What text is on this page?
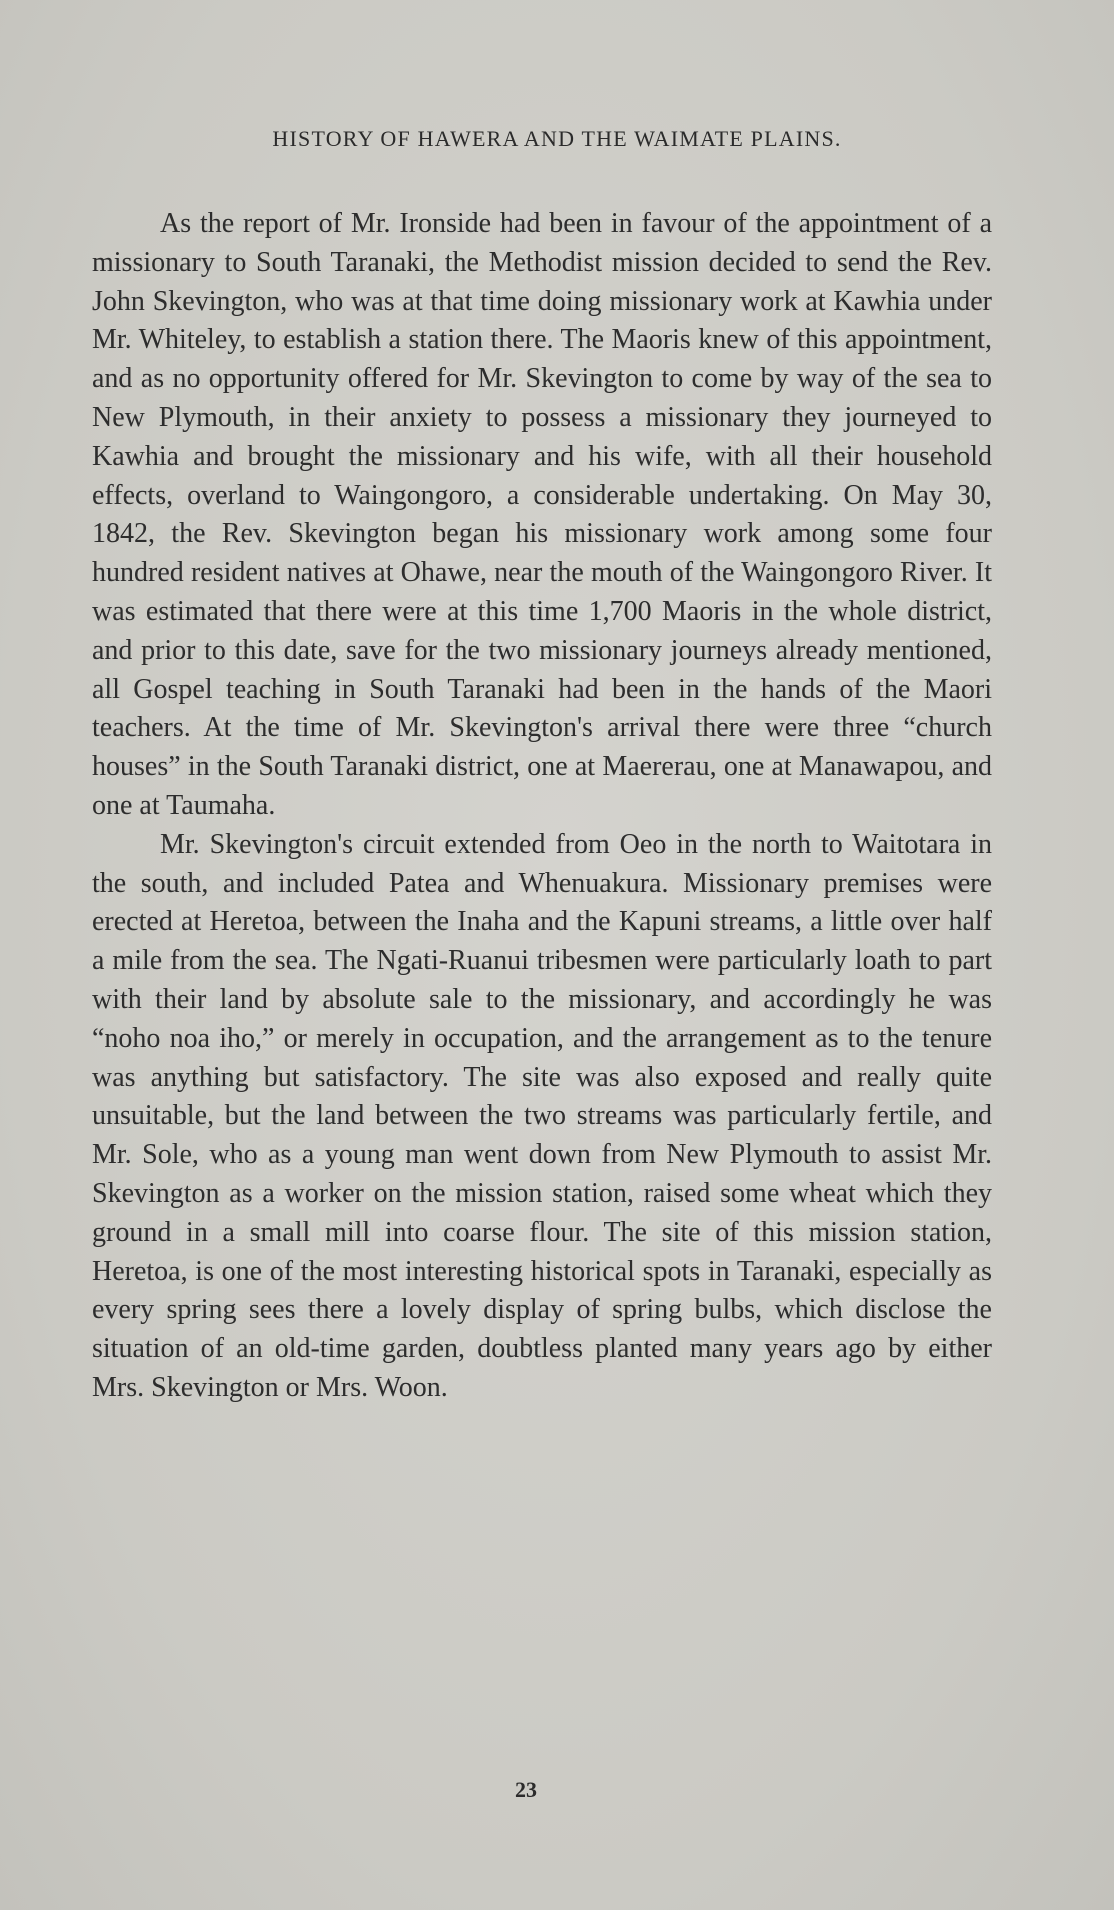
HISTORY OF HAWERA AND THE WAIMATE PLAINS.

As the report of Mr. Ironside had been in favour of the appointment of a missionary to South Taranaki, the Methodist mission decided to send the Rev. John Skevington, who was at that time doing missionary work at Kawhia under Mr. Whiteley, to establish a station there. The Maoris knew of this appointment, and as no opportunity offered for Mr. Skevington to come by way of the sea to New Plymouth, in their anxiety to possess a missionary they journeyed to Kawhia and brought the missionary and his wife, with all their household effects, overland to Waingongoro, a considerable undertaking. On May 30, 1842, the Rev. Skevington began his missionary work among some four hundred resident natives at Ohawe, near the mouth of the Waingongoro River. It was estimated that there were at this time 1,700 Maoris in the whole district, and prior to this date, save for the two missionary journeys already mentioned, all Gospel teaching in South Taranaki had been in the hands of the Maori teachers. At the time of Mr. Skevington's arrival there were three “church houses” in the South Taranaki district, one at Maererau, one at Manawapou, and one at Taumaha.

Mr. Skevington's circuit extended from Oeo in the north to Waitotara in the south, and included Patea and Whenuakura. Missionary premises were erected at Heretoa, between the Inaha and the Kapuni streams, a little over half a mile from the sea. The Ngati-Ruanui tribesmen were particularly loath to part with their land by absolute sale to the missionary, and accordingly he was “noho noa iho,” or merely in occupation, and the arrangement as to the tenure was anything but satisfactory. The site was also exposed and really quite unsuitable, but the land between the two streams was particularly fertile, and Mr. Sole, who as a young man went down from New Plymouth to assist Mr. Skevington as a worker on the mission station, raised some wheat which they ground in a small mill into coarse flour. The site of this mission station, Heretoa, is one of the most interesting historical spots in Taranaki, especially as every spring sees there a lovely display of spring bulbs, which disclose the situation of an old-time garden, doubtless planted many years ago by either Mrs. Skevington or Mrs. Woon.

23
